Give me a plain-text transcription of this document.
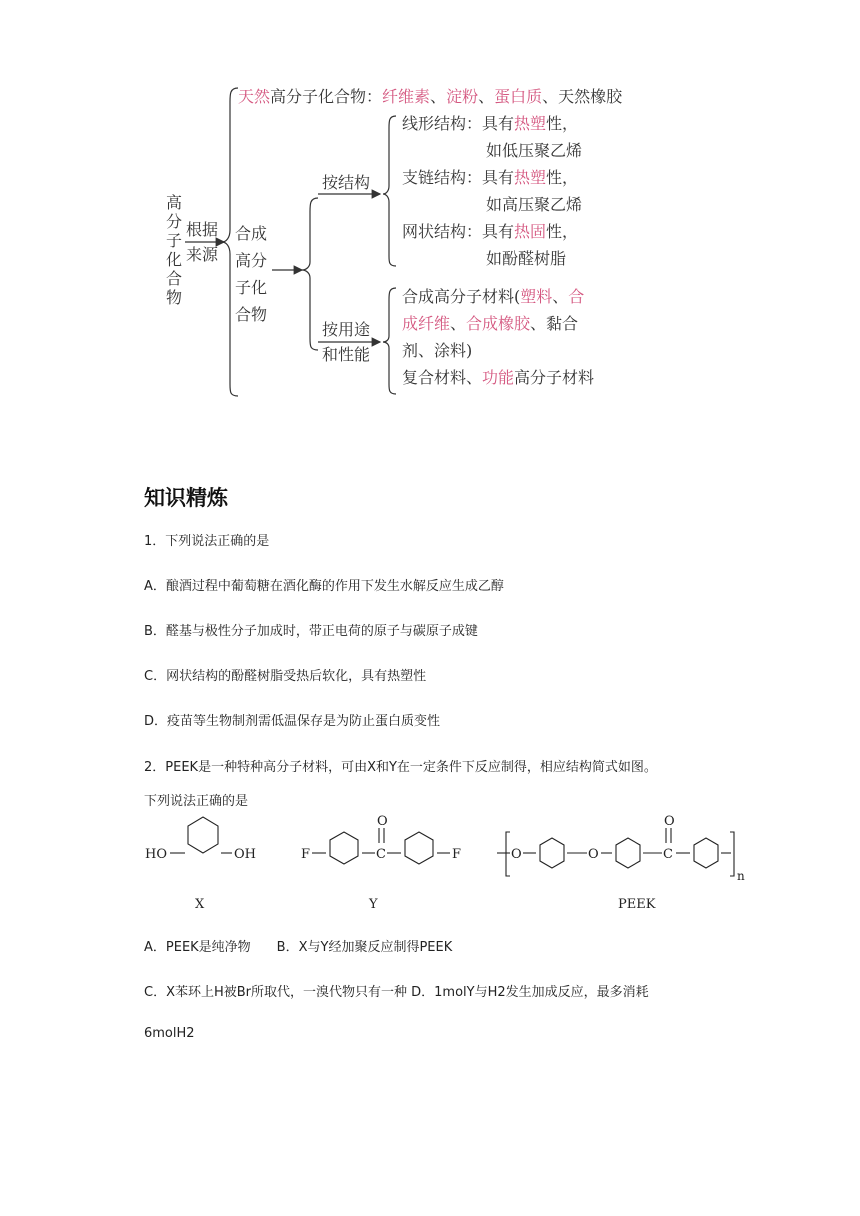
高
分
子
化
合
物
根据
来源
天然高分子化合物：纤维素、淀粉、蛋白质、天然橡胶
合成
高分
子化
合物
按结构
按用途
和性能
线形结构：具有热塑性，
如低压聚乙烯
支链结构：具有热塑性，
如高压聚乙烯
网状结构：具有热固性，
如酚醛树脂
合成高分子材料(塑料、合
成纤维、合成橡胶、黏合
剂、涂料)
复合材料、功能高分子材料
知识精炼
1．下列说法正确的是
A．酿酒过程中葡萄糖在酒化酶的作用下发生水解反应生成乙醇
B．醛基与极性分子加成时，带正电荷的原子与碳原子成键
C．网状结构的酚醛树脂受热后软化，具有热塑性
D．疫苗等生物制剂需低温保存是为防止蛋白质变性
2．PEEK是一种特种高分子材料，可由X和Y在一定条件下反应制得，相应结构简式如图。
下列说法正确的是
HO	OH	F	C
O
F	O	O	C
O
n
X	Y	PEEK
A．PEEK是纯净物　　B．X与Y经加聚反应制得PEEK
C．X苯环上H被Br所取代，一溴代物只有一种 D．1molY与H2发生加成反应，最多消耗
6molH2
